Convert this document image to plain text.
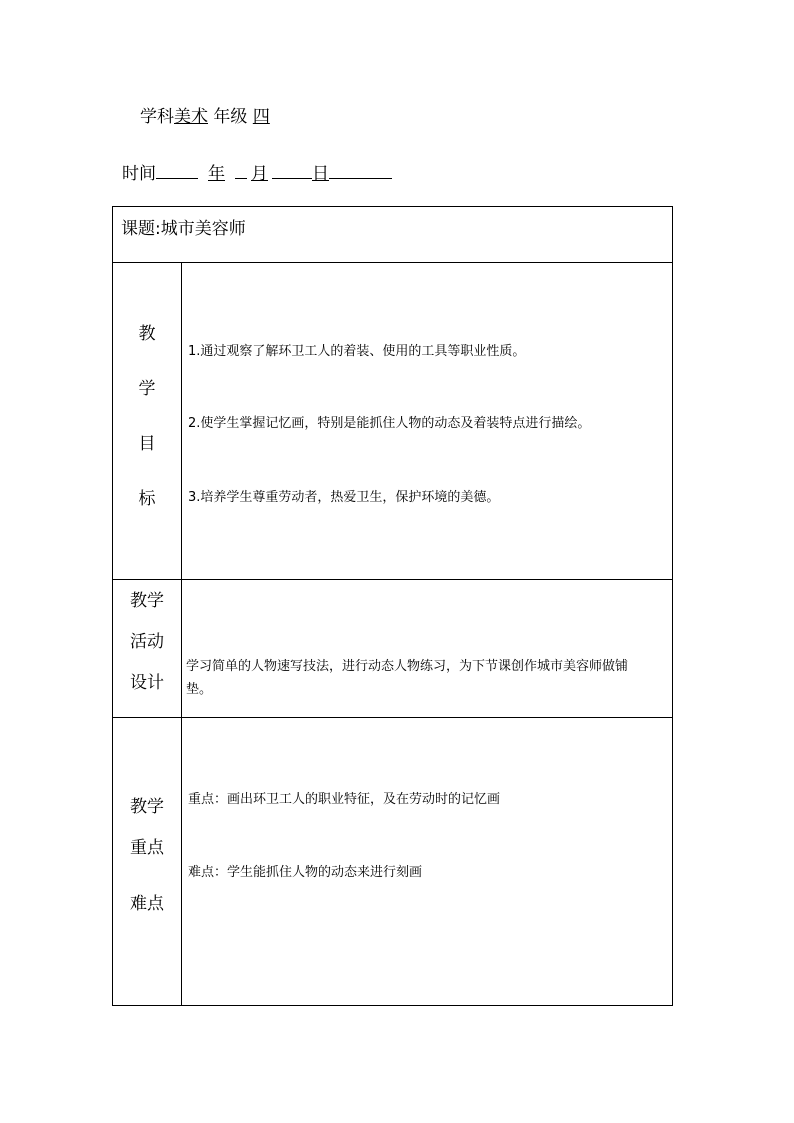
学科美术 年级 四
时间	年 月	日
课题:城市美容师
教
学
目
标
1.通过观察了解环卫工人的着装、使用的工具等职业性质。
2.使学生掌握记忆画，特别是能抓住人物的动态及着装特点进行描绘。
3.培养学生尊重劳动者，热爱卫生，保护环境的美德。
教学
活动
设计
学习简单的人物速写技法，进行动态人物练习，为下节课创作城市美容师做铺
垫。
教学
重点
难点
重点：画出环卫工人的职业特征，及在劳动时的记忆画
难点：学生能抓住人物的动态来进行刻画
